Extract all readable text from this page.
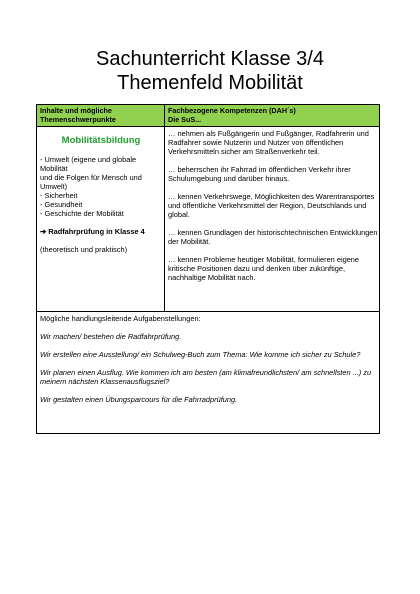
Sachunterricht Klasse 3/4
Themenfeld Mobilität
Inhalte und mögliche Themenschwerpunkte
Fachbezogene Kompetenzen (DAH´s)
Die SuS...
Mobilitätsbildung
- Umwelt (eigene und globale Mobilität
und die Folgen für Mensch und Umwelt)
- Sicherheit
- Gesundheit
- Geschichte der Mobilität
➔ Radfahrprüfung in Klasse 4
(theoretisch und praktisch)
… nehmen als Fußgängerin und Fußgänger, Radfahrerin und Radfahrer sowie Nutzerin und Nutzer von öffentlichen Verkehrsmitteln sicher am Straßenverkehr teil.
… beherrschen ihr Fahrrad im öffentlichen Verkehr ihrer Schulumgebung und darüber hinaus.
… kennen Verkehrswege, Möglichkeiten des Warentransportes und öffentliche Verkehrsmittel der Region, Deutschlands und global.
… kennen Grundlagen der historischtechnischen Entwicklungen der Mobilität.
… kennen Probleme heutiger Mobilität, formulieren eigene kritische Positionen dazu und denken über zukünftige, nachhaltige Mobilität nach.
Mögliche handlungsleitende Aufgabenstellungen:
Wir machen/ bestehen die Radfahrprüfung.
Wir erstellen eine Ausstellung/ ein Schulweg-Buch zum Thema: Wie komme ich sicher zu Schule?
Wir planen einen Ausflug. Wie kommen ich am besten (am klimafreundlichsten/ am schnellsten ...) zu meinem nächsten Klassenausflugsziel?
Wir gestalten einen Übungsparcours für die Fahrradprüfung.
